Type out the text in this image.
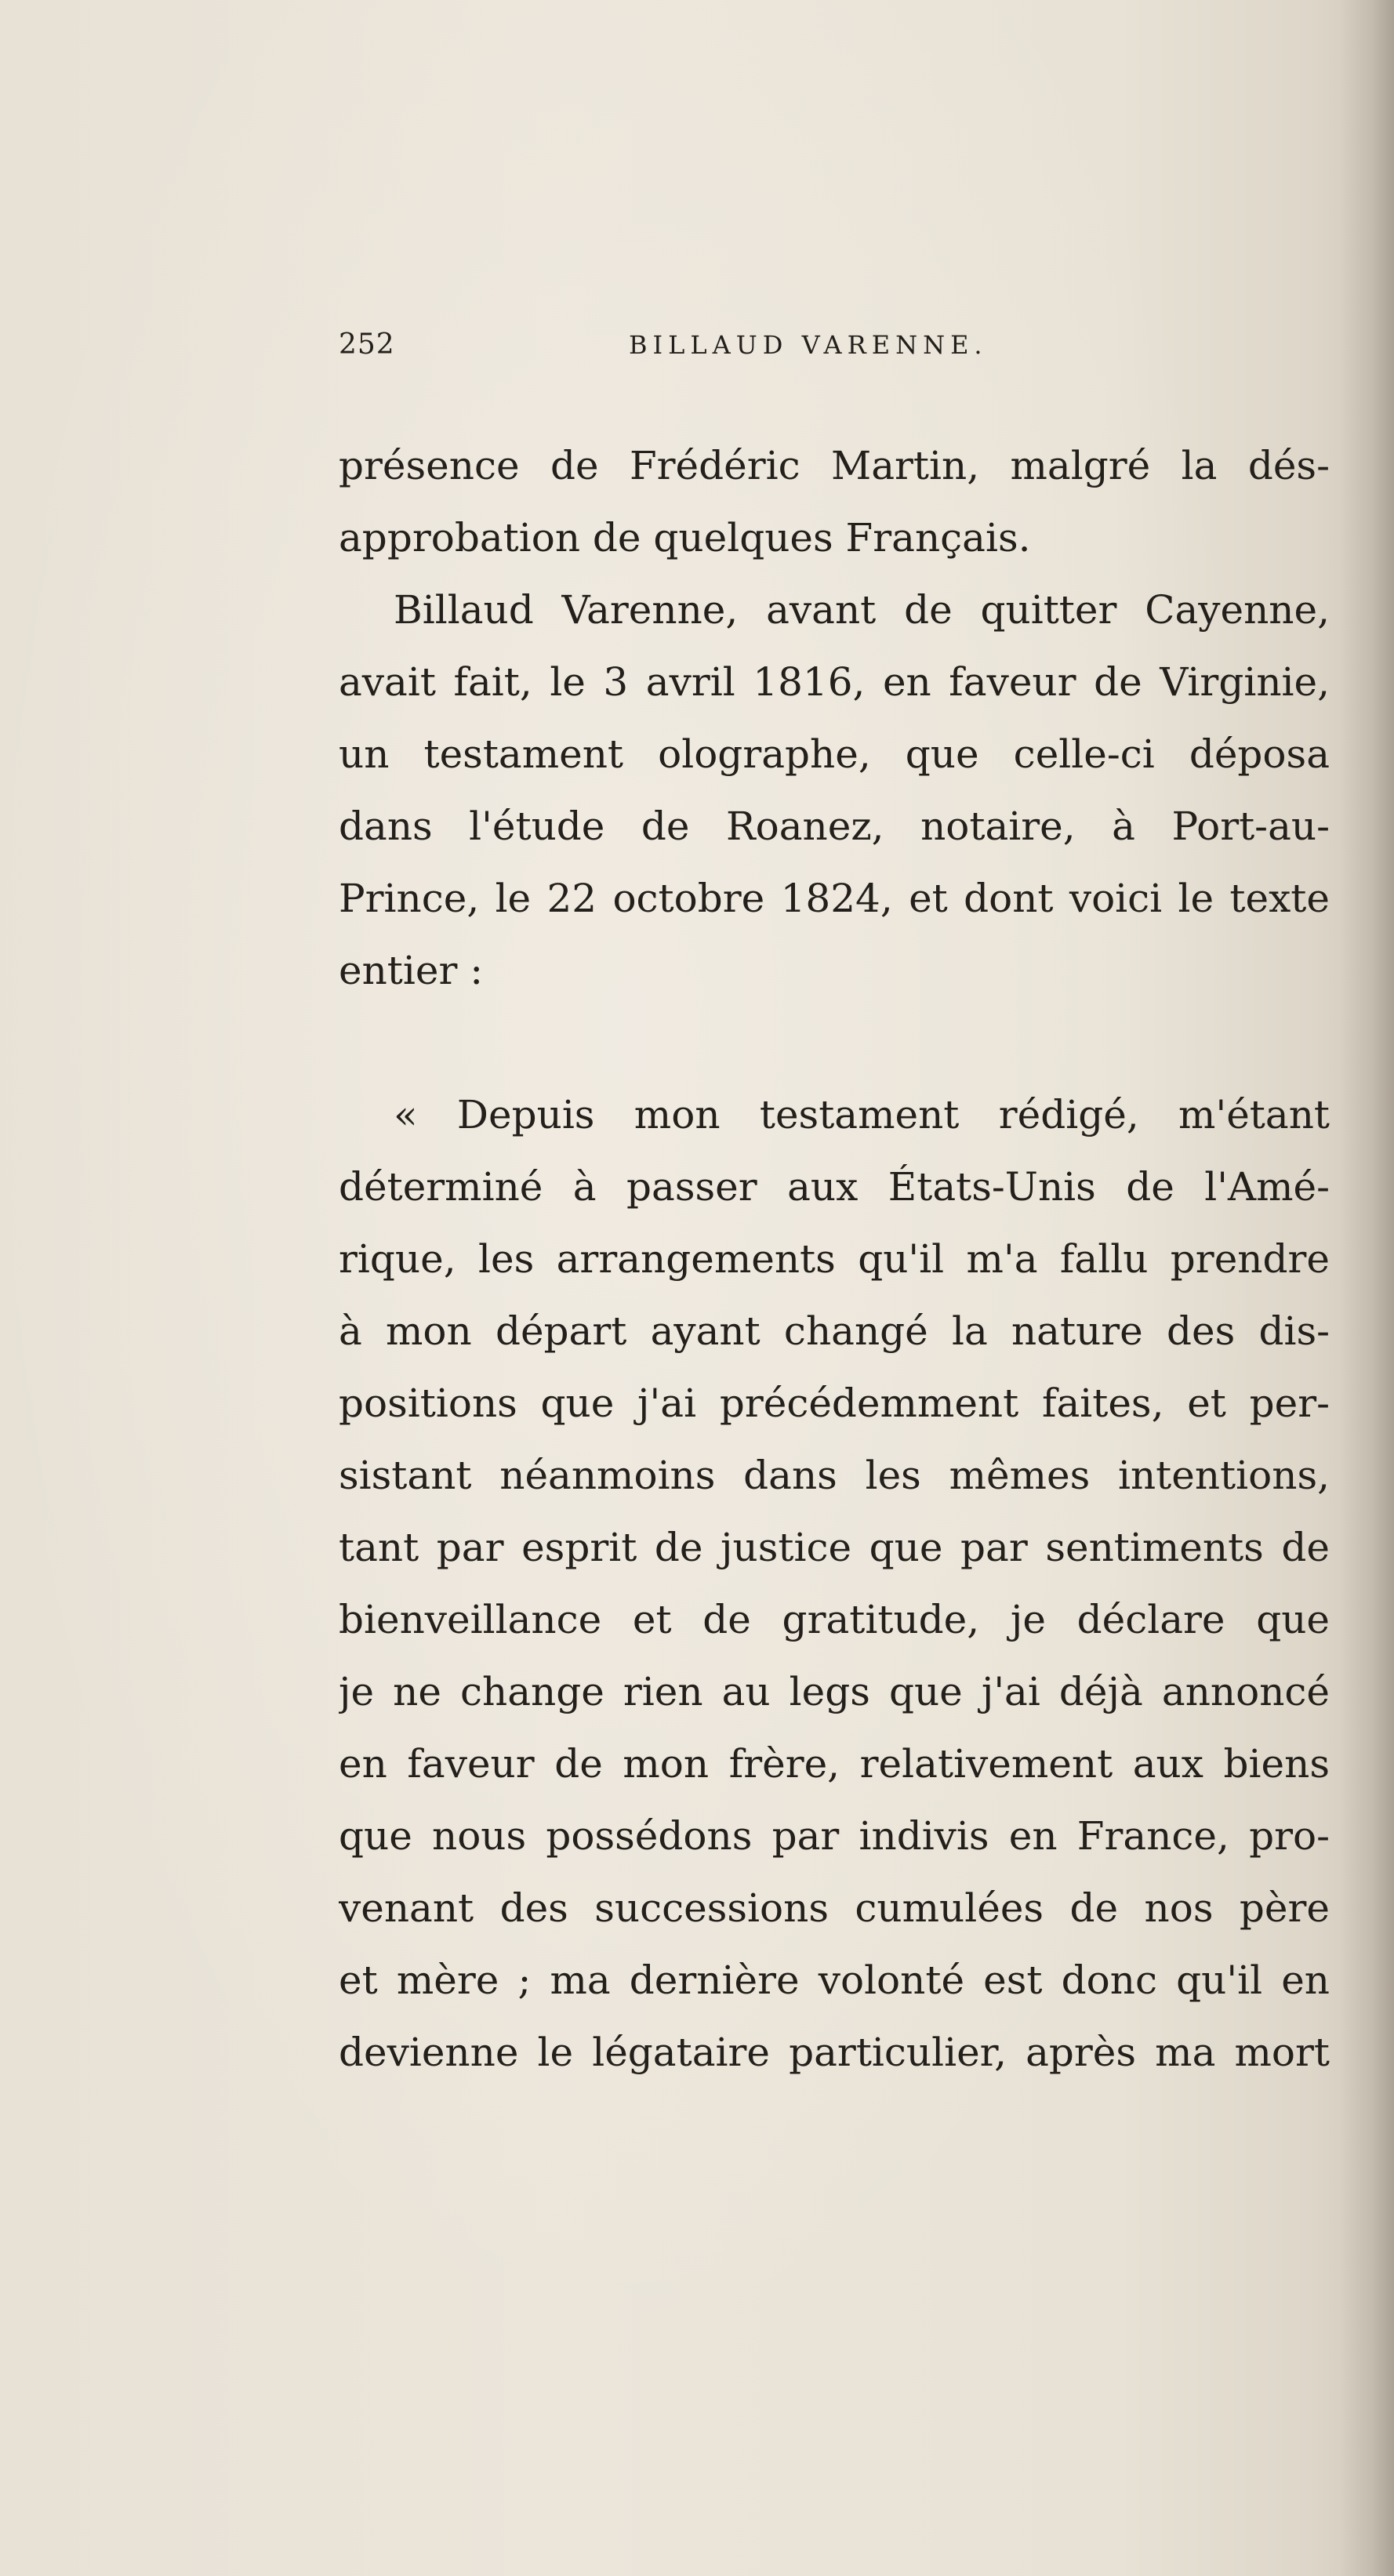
252	BILLAUD VARENNE.
présence de Frédéric Martin, malgré la dés-
approbation de quelques Français.
Billaud Varenne, avant de quitter Cayenne,
avait fait, le 3 avril 1816, en faveur de Virginie,
un testament olographe, que celle-ci déposa
dans l'étude de Roanez, notaire, à Port-au-
Prince, le 22 octobre 1824, et dont voici le texte
entier :
« Depuis mon testament rédigé, m'étant
déterminé à passer aux États-Unis de l'Amé-
rique, les arrangements qu'il m'a fallu prendre
à mon départ ayant changé la nature des dis-
positions que j'ai précédemment faites, et per-
sistant néanmoins dans les mêmes intentions,
tant par esprit de justice que par sentiments de
bienveillance et de gratitude, je déclare que
je ne change rien au legs que j'ai déjà annoncé
en faveur de mon frère, relativement aux biens
que nous possédons par indivis en France, pro-
venant des successions cumulées de nos père
et mère ; ma dernière volonté est donc qu'il en
devienne le légataire particulier, après ma mort
